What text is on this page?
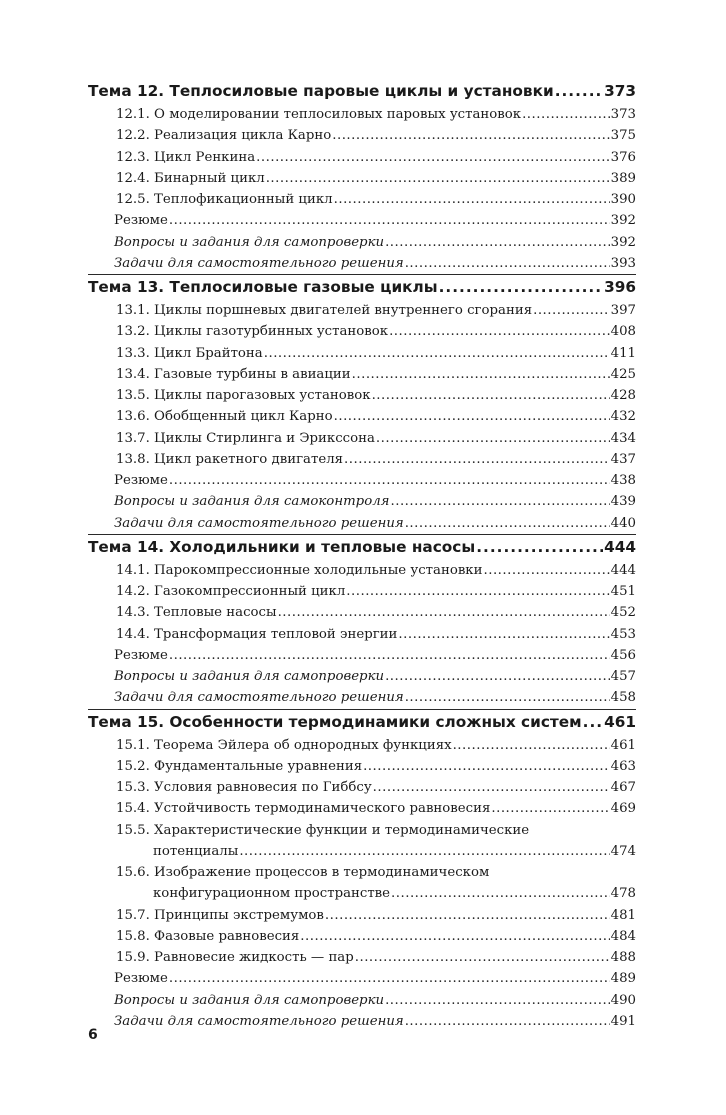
Тема 12. Теплосиловые паровые циклы и установки .....	373
12.1. О моделировании теплосиловых паровых установок .....	373
12.2. Реализация цикла Карно .....	375
12.3. Цикл Ренкина .....	376
12.4. Бинарный цикл .....	389
12.5. Теплофикационный цикл .....	390
Резюме .....	392
Вопросы и задания для самопроверки .....	392
Задачи для самостоятельного решения .....	393
Тема 13. Теплосиловые газовые циклы .....	396
13.1. Циклы поршневых двигателей внутреннего сгорания .....	397
13.2. Циклы газотурбинных установок .....	408
13.3. Цикл Брайтона .....	411
13.4. Газовые турбины в авиации .....	425
13.5. Циклы парогазовых установок .....	428
13.6. Обобщенный цикл Карно .....	432
13.7. Циклы Стирлинга и Эрикссона .....	434
13.8. Цикл ракетного двигателя .....	437
Резюме .....	438
Вопросы и задания для самоконтроля .....	439
Задачи для самостоятельного решения .....	440
Тема 14. Холодильники и тепловые насосы .....	444
14.1. Парокомпрессионные холодильные установки .....	444
14.2. Газокомпрессионный цикл .....	451
14.3. Тепловые насосы .....	452
14.4. Трансформация тепловой энергии .....	453
Резюме .....	456
Вопросы и задания для самопроверки .....	457
Задачи для самостоятельного решения .....	458
Тема 15. Особенности термодинамики сложных систем ..... 461
15.1. Теорема Эйлера об однородных функциях .....	461
15.2. Фундаментальные уравнения .....	463
15.3. Условия равновесия по Гиббсу .....	467
15.4. Устойчивость термодинамического равновесия .....	469
15.5. Характеристические функции и термодинамические
потенциалы .....	474
15.6. Изображение процессов в термодинамическом
конфигурационном пространстве .....	478
15.7. Принципы экстремумов .....	481
15.8. Фазовые равновесия .....	484
15.9. Равновесие жидкость — пар .....	488
Резюме .....	489
Вопросы и задания для самопроверки .....	490
Задачи для самостоятельного решения .....	491
6
